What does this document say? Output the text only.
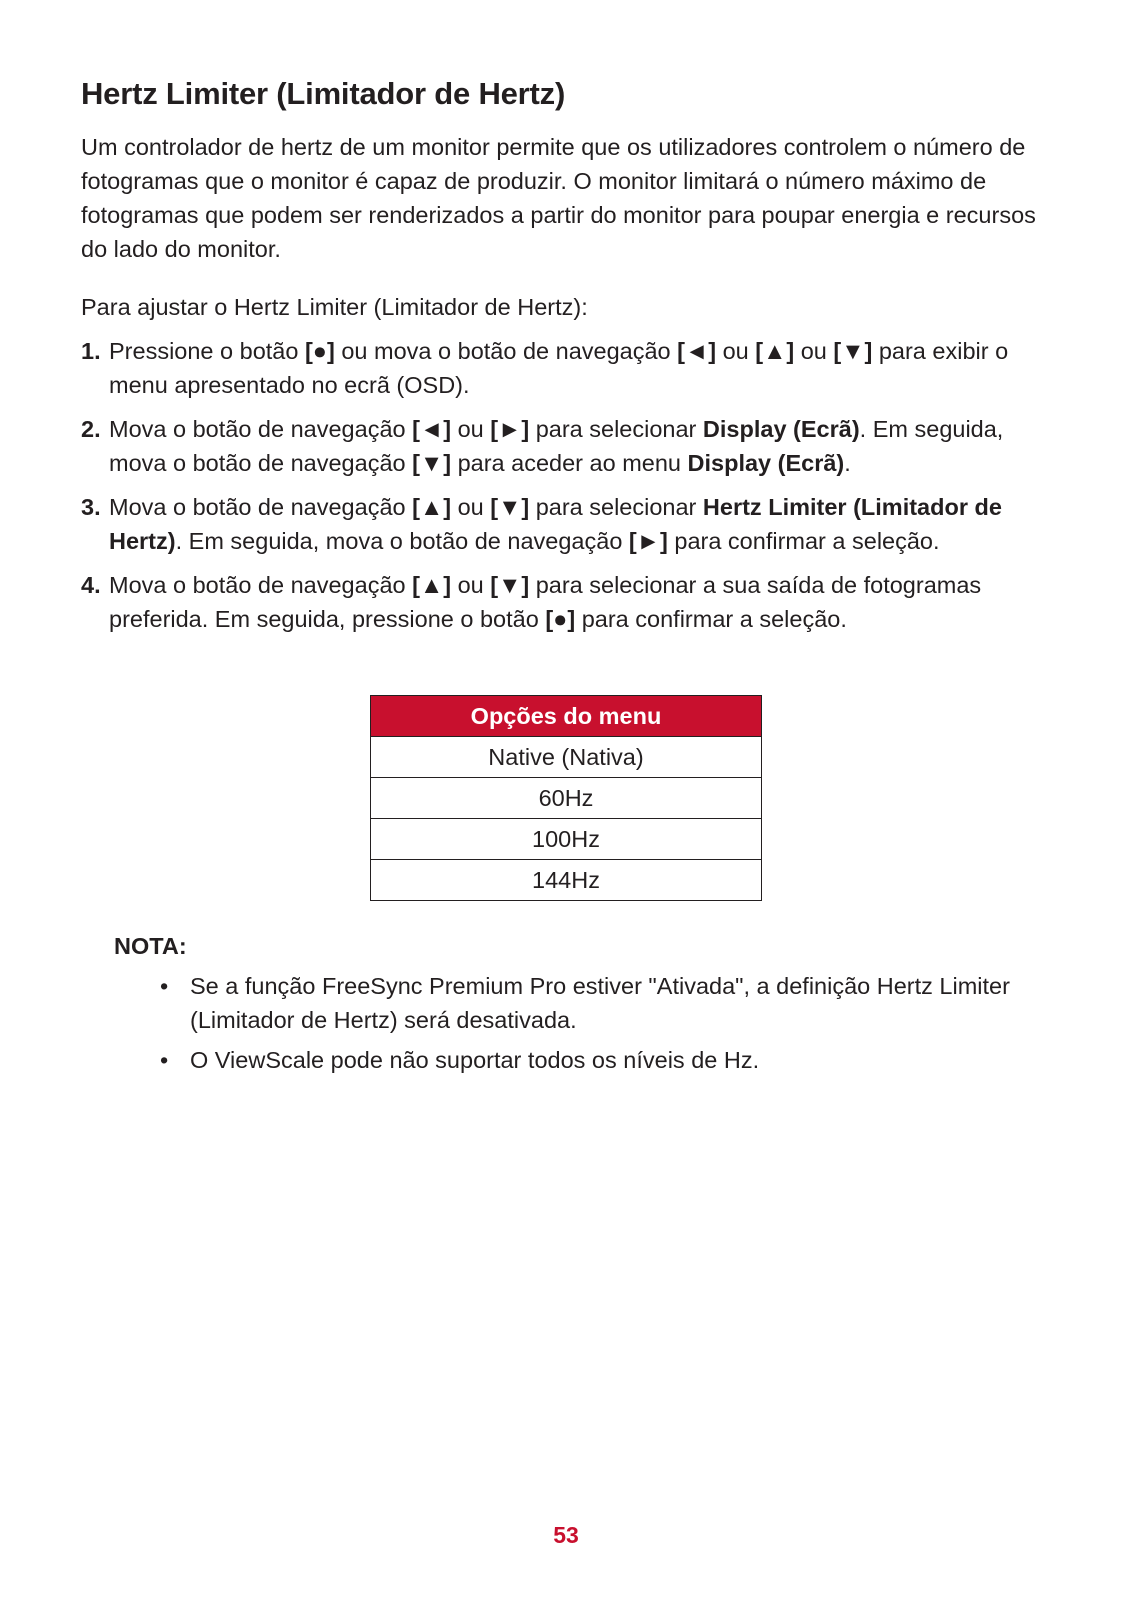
Hertz Limiter (Limitador de Hertz)

Um controlador de hertz de um monitor permite que os utilizadores controlem o número de fotogramas que o monitor é capaz de produzir. O monitor limitará o número máximo de fotogramas que podem ser renderizados a partir do monitor para poupar energia e recursos do lado do monitor.

Para ajustar o Hertz Limiter (Limitador de Hertz):

1. Pressione o botão [●] ou mova o botão de navegação [◄] ou [▲] ou [▼] para exibir o menu apresentado no ecrã (OSD).
2. Mova o botão de navegação [◄] ou [►] para selecionar Display (Ecrã). Em seguida, mova o botão de navegação [▼] para aceder ao menu Display (Ecrã).
3. Mova o botão de navegação [▲] ou [▼] para selecionar Hertz Limiter (Limitador de Hertz). Em seguida, mova o botão de navegação [►] para confirmar a seleção.
4. Mova o botão de navegação [▲] ou [▼] para selecionar a sua saída de fotogramas preferida. Em seguida, pressione o botão [●] para confirmar a seleção.
Opções do menu
Native (Nativa)
60Hz
100Hz
144Hz

NOTA:

• Se a função FreeSync Premium Pro estiver "Ativada", a definição Hertz Limiter (Limitador de Hertz) será desativada.
• O ViewScale pode não suportar todos os níveis de Hz.
53
